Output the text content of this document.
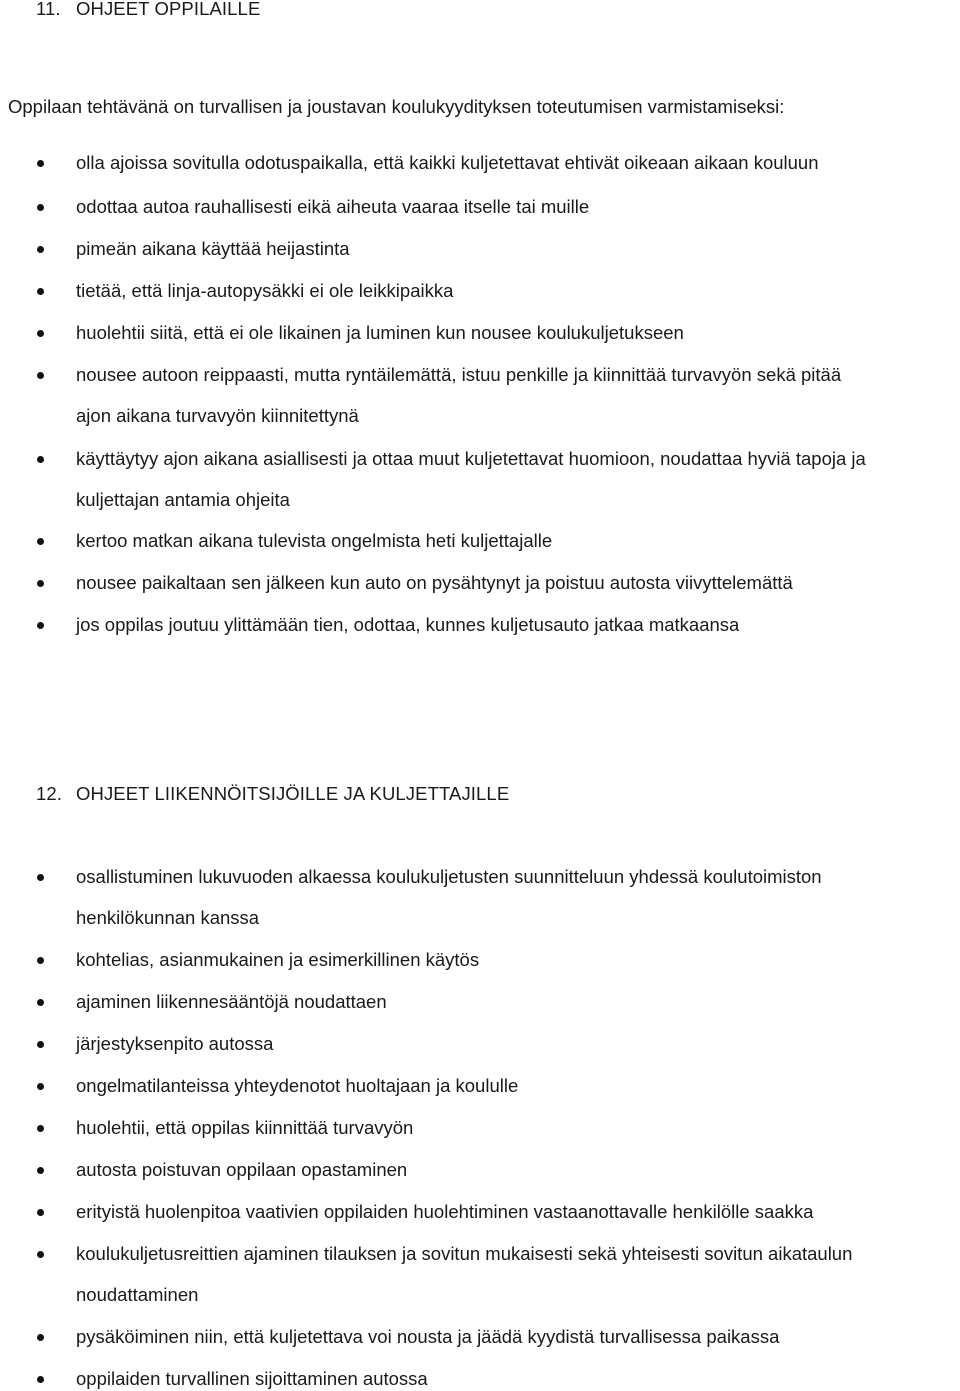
11. OHJEET OPPILAILLE
Oppilaan tehtävänä on turvallisen ja joustavan koulukyydityksen toteutumisen varmistamiseksi:
olla ajoissa sovitulla odotuspaikalla, että kaikki kuljetettavat ehtivät oikeaan aikaan kouluun
odottaa autoa rauhallisesti eikä aiheuta vaaraa itselle tai muille
pimeän aikana käyttää heijastinta
tietää, että linja-autopysäkki ei ole leikkipaikka
huolehtii siitä, että ei ole likainen ja luminen kun nousee koulukuljetukseen
nousee autoon reippaasti, mutta ryntäilemättä, istuu penkille ja kiinnittää turvavyön sekä pitää
ajon aikana turvavyön kiinnitettynä
käyttäytyy ajon aikana asiallisesti ja ottaa muut kuljetettavat huomioon, noudattaa hyviä tapoja ja
kuljettajan antamia ohjeita
kertoo matkan aikana tulevista ongelmista heti kuljettajalle
nousee paikaltaan sen jälkeen kun auto on pysähtynyt ja poistuu autosta viivyttelemättä
jos oppilas joutuu ylittämään tien, odottaa, kunnes kuljetusauto jatkaa matkaansa
12. OHJEET LIIKENNÖITSIJÖILLE JA KULJETTAJILLE
osallistuminen lukuvuoden alkaessa koulukuljetusten suunnitteluun yhdessä koulutoimiston
henkilökunnan kanssa
kohtelias, asianmukainen ja esimerkillinen käytös
ajaminen liikennesääntöjä noudattaen
järjestyksenpito autossa
ongelmatilanteissa yhteydenotot huoltajaan ja koululle
huolehtii, että oppilas kiinnittää turvavyön
autosta poistuvan oppilaan opastaminen
erityistä huolenpitoa vaativien oppilaiden huolehtiminen vastaanottavalle henkilölle saakka
koulukuljetusreittien ajaminen tilauksen ja sovitun mukaisesti sekä yhteisesti sovitun aikataulun
noudattaminen
pysäköiminen niin, että kuljetettava voi nousta ja jäädä kyydistä turvallisessa paikassa
oppilaiden turvallinen sijoittaminen autossa
